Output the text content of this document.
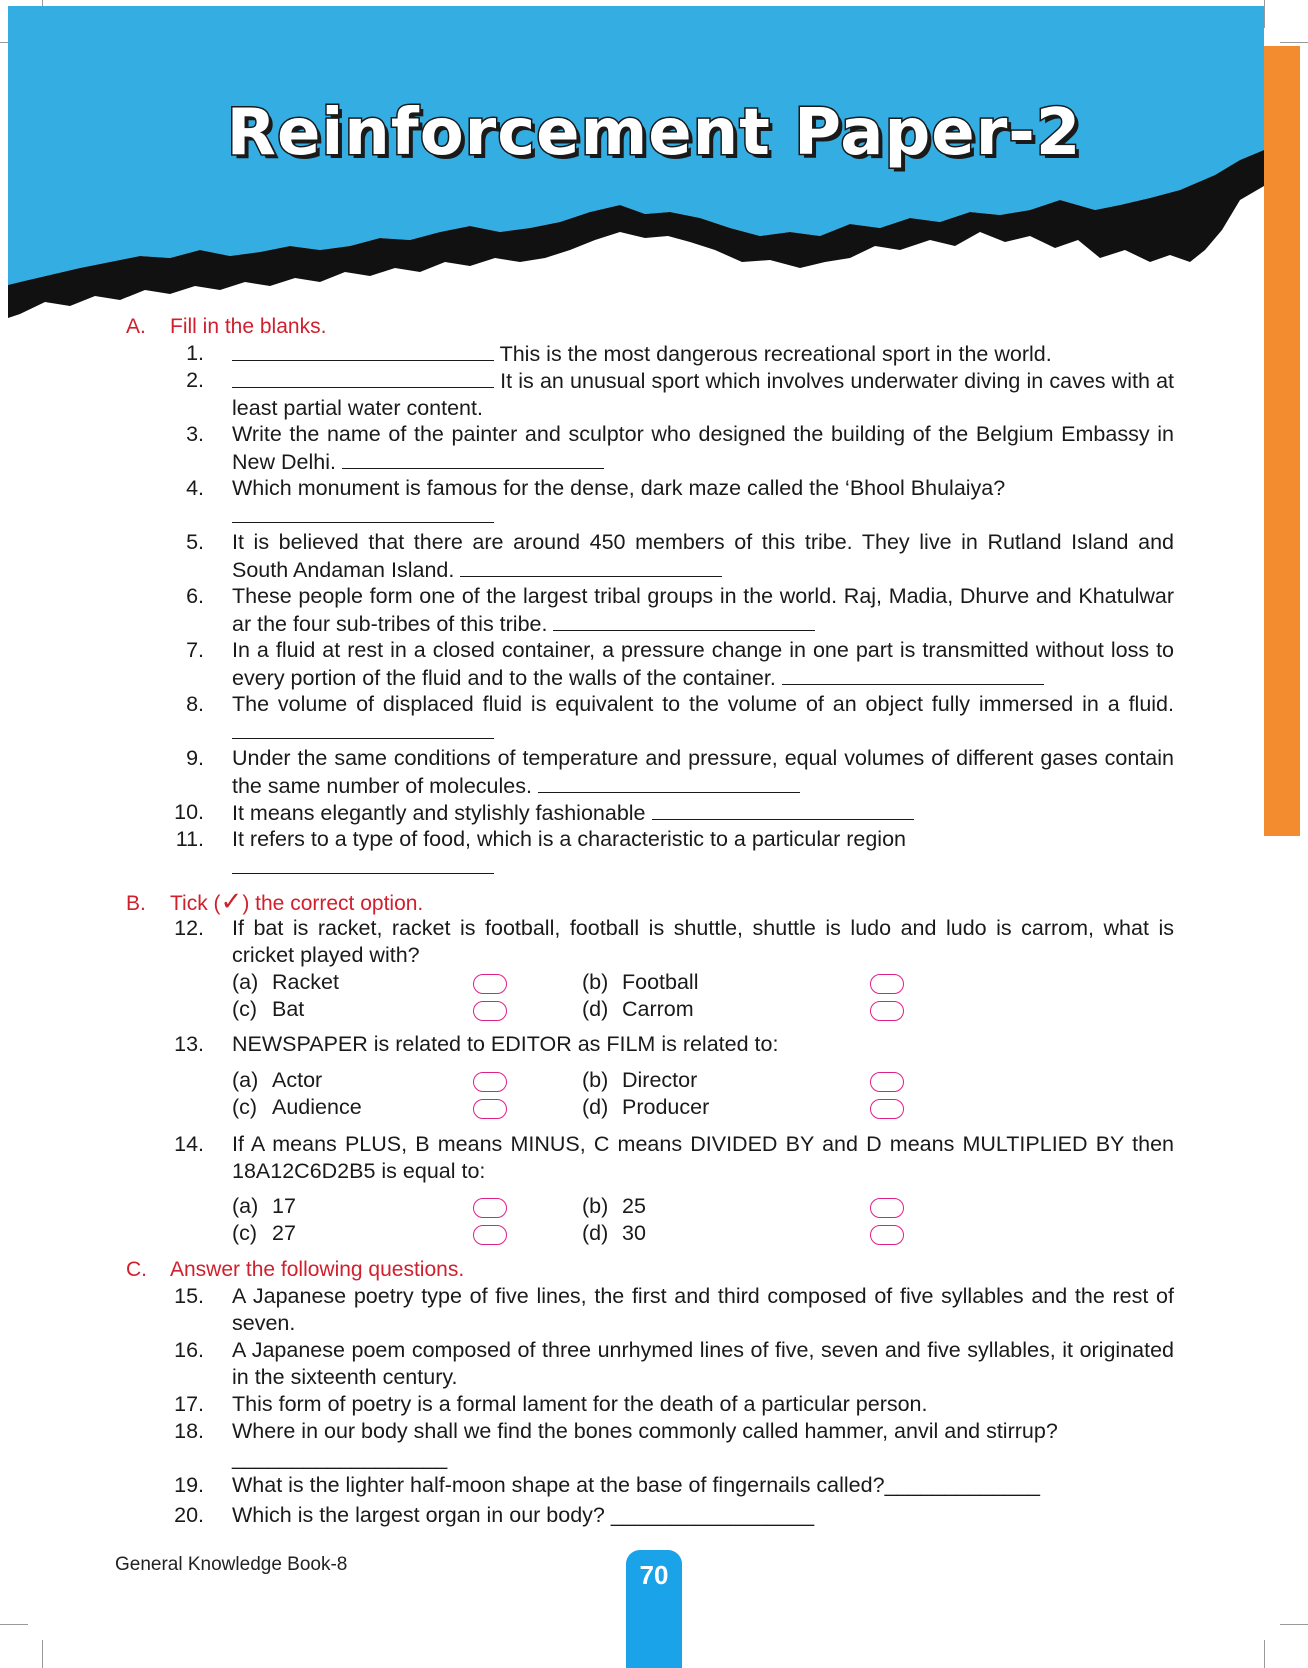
Reinforcement Paper-2
A. Fill in the blanks.
1.	This is the most dangerous recreational sport in the world.
2.	It is an unusual sport which involves underwater diving in caves with at least partial water content.
3. Write the name of the painter and sculptor who designed the building of the Belgium Embassy in New Delhi.
4. Which monument is famous for the dense, dark maze called the ‘Bhool Bhulaiya?

5. It is believed that there are around 450 members of this tribe. They live in Rutland Island and South Andaman Island.
6. These people form one of the largest tribal groups in the world. Raj, Madia, Dhurve and Khatulwar ar the four sub-tribes of this tribe.
7. In a fluid at rest in a closed container, a pressure change in one part is transmitted without loss to every portion of the fluid and to the walls of the container.
8. The volume of displaced fluid is equivalent to the volume of an object fully immersed in a fluid.
9. Under the same conditions of temperature and pressure, equal volumes of different gases contain the same number of molecules.
10. It means elegantly and stylishly fashionable
11. It refers to a type of food, which is a characteristic to a particular region

B. Tick (✓) the correct option.
12. If bat is racket, racket is football, football is shuttle, shuttle is ludo and ludo is carrom, what is cricket played with?
(a) Racket	(b) Football
(c) Bat	(d) Carrom
13. NEWSPAPER is related to EDITOR as FILM is related to:
(a) Actor	(b) Director
(c) Audience	(d) Producer
14. If A means PLUS, B means MINUS, C means DIVIDED BY and D means MULTIPLIED BY then 18A12C6D2B5 is equal to:
(a) 17	(b) 25
(c) 27	(d) 30
C. Answer the following questions.
15. A Japanese poetry type of five lines, the first and third composed of five syllables and the rest of seven.
16. A Japanese poem composed of three unrhymed lines of five, seven and five syllables, it originated in the sixteenth century.
17. This form of poetry is a formal lament for the death of a particular person.
18. Where in our body shall we find the bones commonly called hammer, anvil and stirrup?
__________________
19. What is the lighter half-moon shape at the base of fingernails called?_____________
20. Which is the largest organ in our body? _________________
General Knowledge Book-8	70
